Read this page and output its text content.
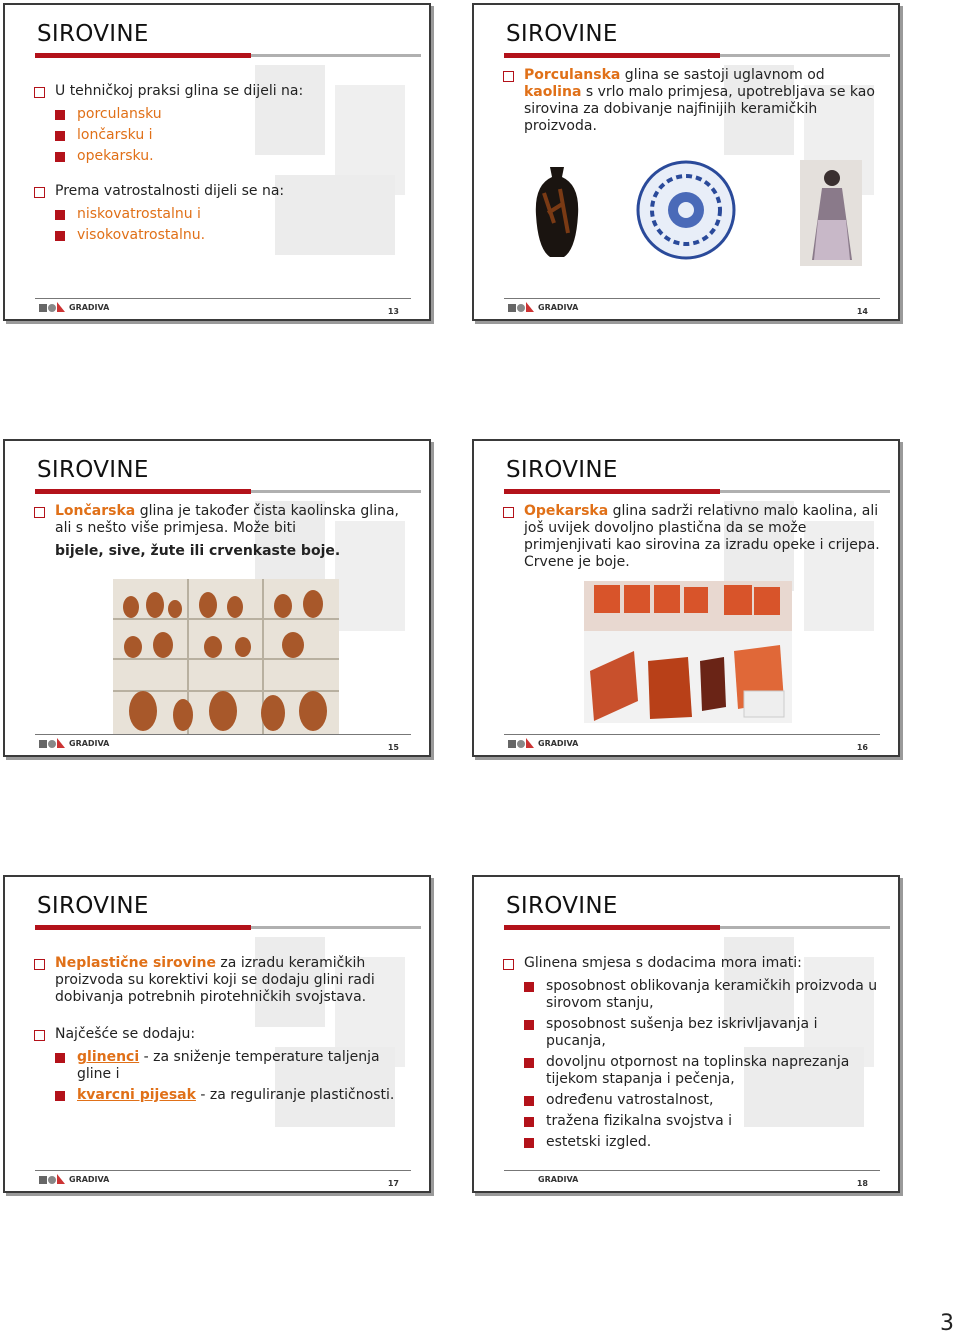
SIROVINE
U tehničkoj praksi glina se dijeli na:
porculansku
lončarsku i
opekarsku.
Prema vatrostalnosti dijeli se na:
niskovatrostalnu i
visokovatrostalnu.
GRADIVA	13
SIROVINE
Porculanska glina se sastoji uglavnom od kaolina s vrlo malo primjesa, upotrebljava se kao sirovina za dobivanje najfinijih keramičkih proizvoda.
GRADIVA	14
SIROVINE
Lončarska glina je također čista kaolinska glina, ali s nešto više primjesa. Može biti
bijele, sive, žute ili crvenkaste boje.
GRADIVA	15
SIROVINE
Opekarska glina sadrži relativno malo kaolina, ali još uvijek dovoljno plastična da se može primjenjivati kao sirovina za izradu opeke i crijepa. Crvene je boje.
GRADIVA	16
SIROVINE
Neplastične sirovine za izradu keramičkih proizvoda su korektivi koji se dodaju glini radi dobivanja potrebnih pirotehničkih svojstava.
Najčešće se dodaju:
glinenci - za sniženje temperature taljenja gline i
kvarcni pijesak - za reguliranje plastičnosti.
GRADIVA	17
SIROVINE
Glinena smjesa s dodacima mora imati:
sposobnost oblikovanja keramičkih proizvoda u sirovom stanju,
sposobnost sušenja bez iskrivljavanja i pucanja,
dovoljnu otpornost na toplinska naprezanja tijekom stapanja i pečenja,
određenu vatrostalnost,
tražena fizikalna svojstva i
estetski izgled.
GRADIVA	18
3
